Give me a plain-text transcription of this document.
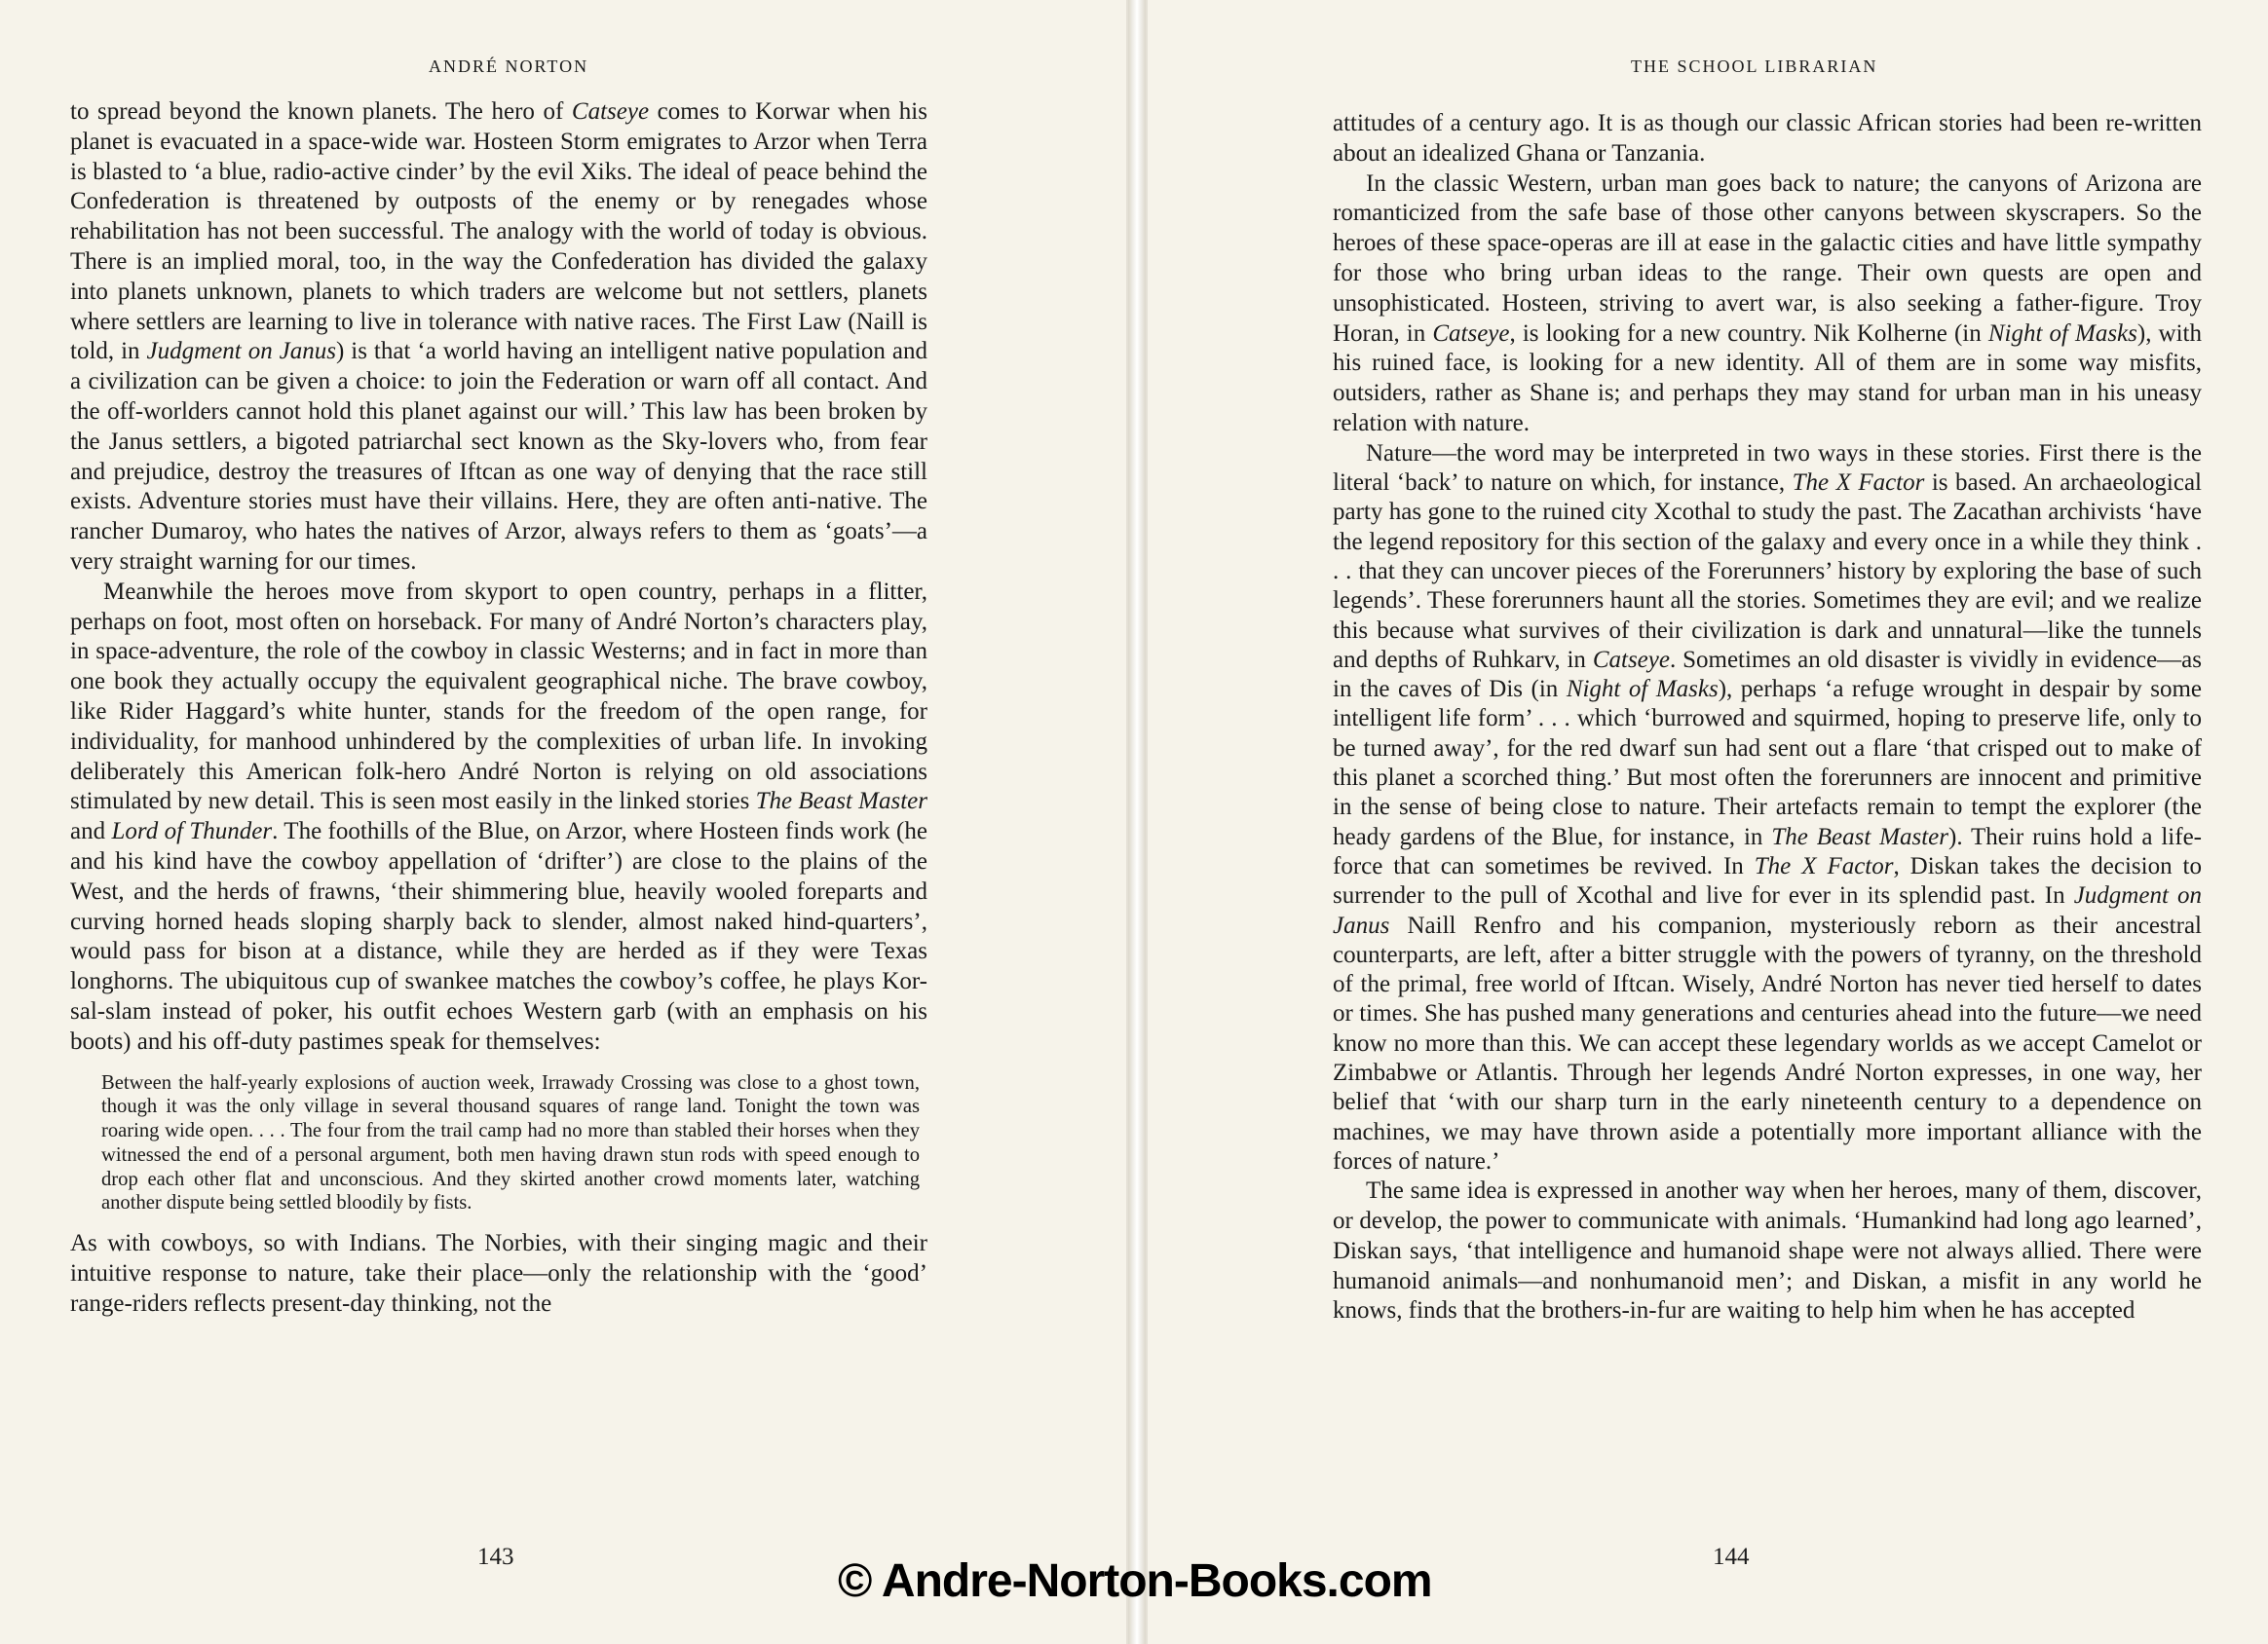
ANDRÉ NORTON

to spread beyond the known planets. The hero of Catseye comes to Korwar when his planet is evacuated in a space-wide war. Hosteen Storm emigrates to Arzor when Terra is blasted to ‘a blue, radio-active cinder’ by the evil Xiks. The ideal of peace behind the Confederation is threatened by outposts of the enemy or by renegades whose rehabilitation has not been successful. The analogy with the world of today is obvious. There is an implied moral, too, in the way the Confederation has divided the galaxy into planets unknown, planets to which traders are welcome but not settlers, planets where settlers are learning to live in tolerance with native races. The First Law (Naill is told, in Judgment on Janus) is that ‘a world having an intelligent native population and a civilization can be given a choice: to join the Federation or warn off all contact. And the off-worlders cannot hold this planet against our will.’ This law has been broken by the Janus settlers, a bigoted patriarchal sect known as the Sky-lovers who, from fear and prejudice, destroy the treasures of Iftcan as one way of denying that the race still exists. Adventure stories must have their villains. Here, they are often anti-native. The rancher Dumaroy, who hates the natives of Arzor, always refers to them as ‘goats’—a very straight warning for our times.

Meanwhile the heroes move from skyport to open country, perhaps in a flitter, perhaps on foot, most often on horseback. For many of André Norton’s characters play, in space-adventure, the role of the cowboy in classic Westerns; and in fact in more than one book they actually occupy the equivalent geographical niche. The brave cowboy, like Rider Haggard’s white hunter, stands for the freedom of the open range, for individuality, for manhood unhindered by the complexities of urban life. In invoking deliberately this American folk-hero André Norton is relying on old associations stimulated by new detail. This is seen most easily in the linked stories The Beast Master and Lord of Thunder. The foothills of the Blue, on Arzor, where Hosteen finds work (he and his kind have the cowboy appellation of ‘drifter’) are close to the plains of the West, and the herds of frawns, ‘their shimmering blue, heavily wooled foreparts and curving horned heads sloping sharply back to slender, almost naked hind-quarters’, would pass for bison at a distance, while they are herded as if they were Texas longhorns. The ubiquitous cup of swankee matches the cowboy’s coffee, he plays Kor-sal-slam instead of poker, his outfit echoes Western garb (with an emphasis on his boots) and his off-duty pastimes speak for themselves:

Between the half-yearly explosions of auction week, Irrawady Crossing was close to a ghost town, though it was the only village in several thousand squares of range land. Tonight the town was roaring wide open. . . . The four from the trail camp had no more than stabled their horses when they witnessed the end of a personal argument, both men having drawn stun rods with speed enough to drop each other flat and unconscious. And they skirted another crowd moments later, watching another dispute being settled bloodily by fists.

As with cowboys, so with Indians. The Norbies, with their singing magic and their intuitive response to nature, take their place—only the relationship with the ‘good’ range-riders reflects present-day thinking, not the

143
THE SCHOOL LIBRARIAN

attitudes of a century ago. It is as though our classic African stories had been re-written about an idealized Ghana or Tanzania.

In the classic Western, urban man goes back to nature; the canyons of Arizona are romanticized from the safe base of those other canyons between skyscrapers. So the heroes of these space-operas are ill at ease in the galactic cities and have little sympathy for those who bring urban ideas to the range. Their own quests are open and unsophisticated. Hosteen, striving to avert war, is also seeking a father-figure. Troy Horan, in Catseye, is looking for a new country. Nik Kolherne (in Night of Masks), with his ruined face, is looking for a new identity. All of them are in some way misfits, outsiders, rather as Shane is; and perhaps they may stand for urban man in his uneasy relation with nature.

Nature—the word may be interpreted in two ways in these stories. First there is the literal ‘back’ to nature on which, for instance, The X Factor is based. An archaeological party has gone to the ruined city Xcothal to study the past. The Zacathan archivists ‘have the legend repository for this section of the galaxy and every once in a while they think . . . that they can uncover pieces of the Forerunners’ history by exploring the base of such legends’. These forerunners haunt all the stories. Sometimes they are evil; and we realize this because what survives of their civilization is dark and unnatural—like the tunnels and depths of Ruhkarv, in Catseye. Sometimes an old disaster is vividly in evidence—as in the caves of Dis (in Night of Masks), perhaps ‘a refuge wrought in despair by some intelligent life form’ . . . which ‘burrowed and squirmed, hoping to preserve life, only to be turned away’, for the red dwarf sun had sent out a flare ‘that crisped out to make of this planet a scorched thing.’ But most often the forerunners are innocent and primitive in the sense of being close to nature. Their artefacts remain to tempt the explorer (the heady gardens of the Blue, for instance, in The Beast Master). Their ruins hold a life-force that can sometimes be revived. In The X Factor, Diskan takes the decision to surrender to the pull of Xcothal and live for ever in its splendid past. In Judgment on Janus Naill Renfro and his companion, mysteriously reborn as their ancestral counterparts, are left, after a bitter struggle with the powers of tyranny, on the threshold of the primal, free world of Iftcan. Wisely, André Norton has never tied herself to dates or times. She has pushed many generations and centuries ahead into the future—we need know no more than this. We can accept these legendary worlds as we accept Camelot or Zimbabwe or Atlantis. Through her legends André Norton expresses, in one way, her belief that ‘with our sharp turn in the early nineteenth century to a dependence on machines, we may have thrown aside a potentially more important alliance with the forces of nature.’

The same idea is expressed in another way when her heroes, many of them, discover, or develop, the power to communicate with animals. ‘Humankind had long ago learned’, Diskan says, ‘that intelligence and humanoid shape were not always allied. There were humanoid animals—and nonhumanoid men’; and Diskan, a misfit in any world he knows, finds that the brothers-in-fur are waiting to help him when he has accepted

144
© Andre-Norton-Books.com
